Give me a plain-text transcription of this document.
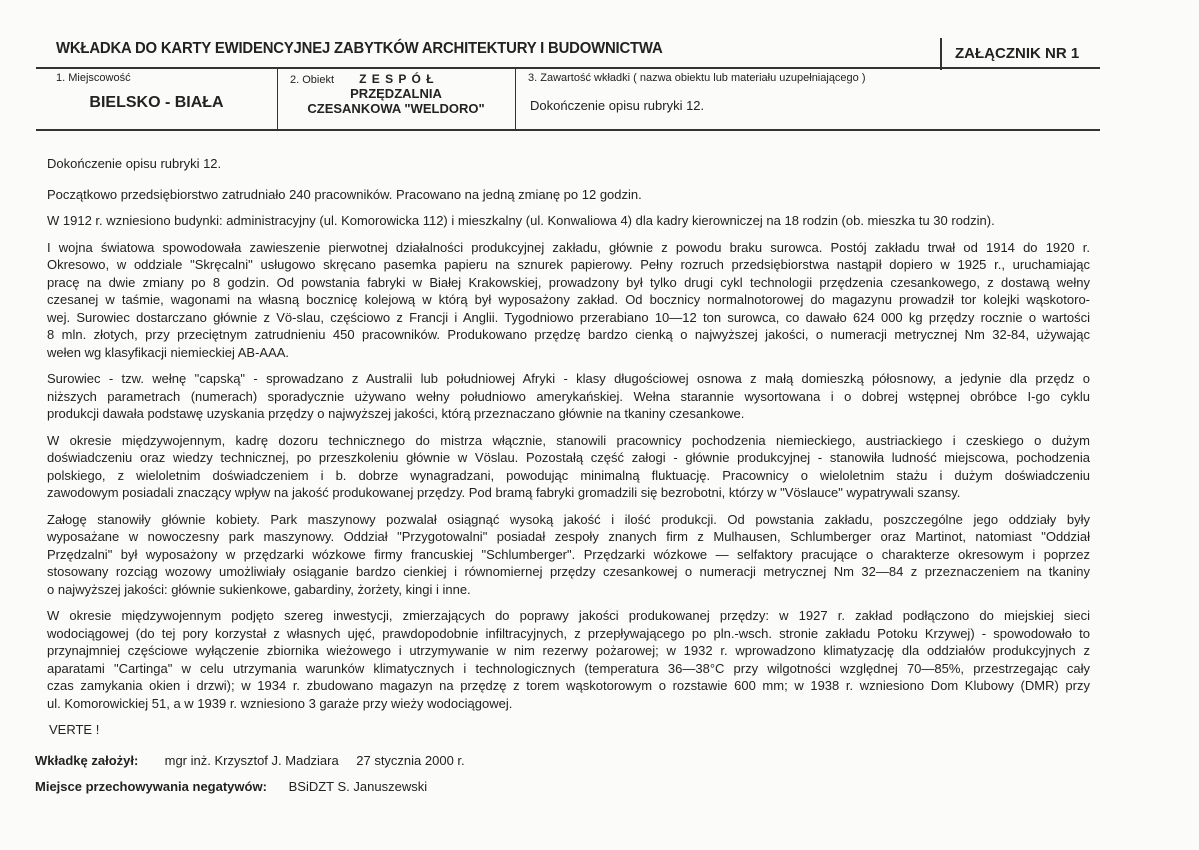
WKŁADKA DO KARTY EWIDENCYJNEJ ZABYTKÓW ARCHITEKTURY I BUDOWNICTWA	ZAŁĄCZNIK NR 1
1. Miejscowość
BIELSKO - BIAŁA
2. Obiekt Z E S P Ó Ł
PRZĘDZALNIA
CZESANKOWA "WELDORO"
3. Zawartość wkładki ( nazwa obiektu lub materiału uzupełniającego )
Dokończenie opisu rubryki 12.
Dokończenie opisu rubryki 12.
Początkowo przedsiębiorstwo zatrudniało 240 pracowników. Pracowano na jedną zmianę po 12 godzin.
W 1912 r. wzniesiono budynki: administracyjny (ul. Komorowicka 112) i mieszkalny (ul. Konwaliowa 4) dla kadry kierowniczej na 18 rodzin (ob. mieszka tu 30 rodzin).
I wojna światowa spowodowała zawieszenie pierwotnej działalności produkcyjnej zakładu, głównie z powodu braku surowca. Postój zakładu trwał od 1914 do 1920 r.
Okresowo, w oddziale "Skręcalni" usługowo skręcano pasemka papieru na sznurek papierowy. Pełny rozruch przedsiębiorstwa nastąpił dopiero w 1925 r., uruchamiając
pracę na dwie zmiany po 8 godzin. Od powstania fabryki w Białej Krakowskiej, prowadzony był tylko drugi cykl technologii przędzenia czesankowego, z dostawą wełny
czesanej w taśmie, wagonami na własną bocznicę kolejową w którą był wyposażony zakład. Od bocznicy normalnotorowej do magazynu prowadził tor kolejki wąskotoro-
wej. Surowiec dostarczano głównie z Vö-slau, częściowo z Francji i Anglii. Tygodniowo przerabiano 10—12 ton surowca, co dawało 624 000 kg przędzy rocznie o wartości
8 mln. złotych, przy przeciętnym zatrudnieniu 450 pracowników. Produkowano przędzę bardzo cienką o najwyższej jakości, o numeracji metrycznej Nm 32-84, używając
wełen wg klasyfikacji niemieckiej AB-AAA.
Surowiec - tzw. wełnę "capską" - sprowadzano z Australii lub południowej Afryki - klasy długościowej osnowa z małą domieszką półosnowy, a jedynie dla przędz o
niższych parametrach (numerach) sporadycznie używano wełny południowo amerykańskiej. Wełna starannie wysortowana i o dobrej wstępnej obróbce I-go cyklu
produkcji dawała podstawę uzyskania przędzy o najwyższej jakości, którą przeznaczano głównie na tkaniny czesankowe.
W okresie międzywojennym, kadrę dozoru technicznego do mistrza włącznie, stanowili pracownicy pochodzenia niemieckiego, austriackiego i czeskiego o dużym
doświadczeniu oraz wiedzy technicznej, po przeszkoleniu głównie w Vöslau. Pozostałą część załogi - głównie produkcyjnej - stanowiła ludność miejscowa, pochodzenia
polskiego, z wieloletnim doświadczeniem i b. dobrze wynagradzani, powodując minimalną fluktuację. Pracownicy o wieloletnim stażu i dużym doświadczeniu
zawodowym posiadali znaczący wpływ na jakość produkowanej przędzy. Pod bramą fabryki gromadzili się bezrobotni, którzy w "Vöslauce" wypatrywali szansy.
Załogę stanowiły głównie kobiety. Park maszynowy pozwalał osiągnąć wysoką jakość i ilość produkcji. Od powstania zakładu, poszczególne jego oddziały były
wyposażane w nowoczesny park maszynowy. Oddział "Przygotowalni" posiadał zespoły znanych firm z Mulhausen, Schlumberger oraz Martinot, natomiast "Oddział
Przędzalni" był wyposażony w przędzarki wózkowe firmy francuskiej "Schlumberger". Przędzarki wózkowe — selfaktory pracujące o charakterze okresowym i poprzez
stosowany rozciąg wozowy umożliwiały osiąganie bardzo cienkiej i równomiernej przędzy czesankowej o numeracji metrycznej Nm 32—84 z przeznaczeniem na tkaniny
o najwyższej jakości: głównie sukienkowe, gabardiny, żorżety, kingi i inne.
W okresie międzywojennym podjęto szereg inwestycji, zmierzających do poprawy jakości produkowanej przędzy: w 1927 r. zakład podłączono do miejskiej sieci
wodociągowej (do tej pory korzystał z własnych ujęć, prawdopodobnie infiltracyjnych, z przepływającego po pln.-wsch. stronie zakładu Potoku Krzywej) - spowodowało to
przynajmniej częściowe wyłączenie zbiornika wieżowego i utrzymywanie w nim rezerwy pożarowej; w 1932 r. wprowadzono klimatyzację dla oddziałów produkcyjnych z
aparatami "Cartinga" w celu utrzymania warunków klimatycznych i technologicznych (temperatura 36—38°C przy wilgotności względnej 70—85%, przestrzegając cały
czas zamykania okien i drzwi); w 1934 r. zbudowano magazyn na przędzę z torem wąskotorowym o rozstawie 600 mm; w 1938 r. wzniesiono Dom Klubowy (DMR) przy
ul. Komorowickiej 51, a w 1939 r. wzniesiono 3 garaże przy wieży wodociągowej.
VERTE !
Wkładkę założył: mgr inż. Krzysztof J. Madziara 27 stycznia 2000 r.
Miejsce przechowywania negatywów: BSiDZT S. Januszewski
